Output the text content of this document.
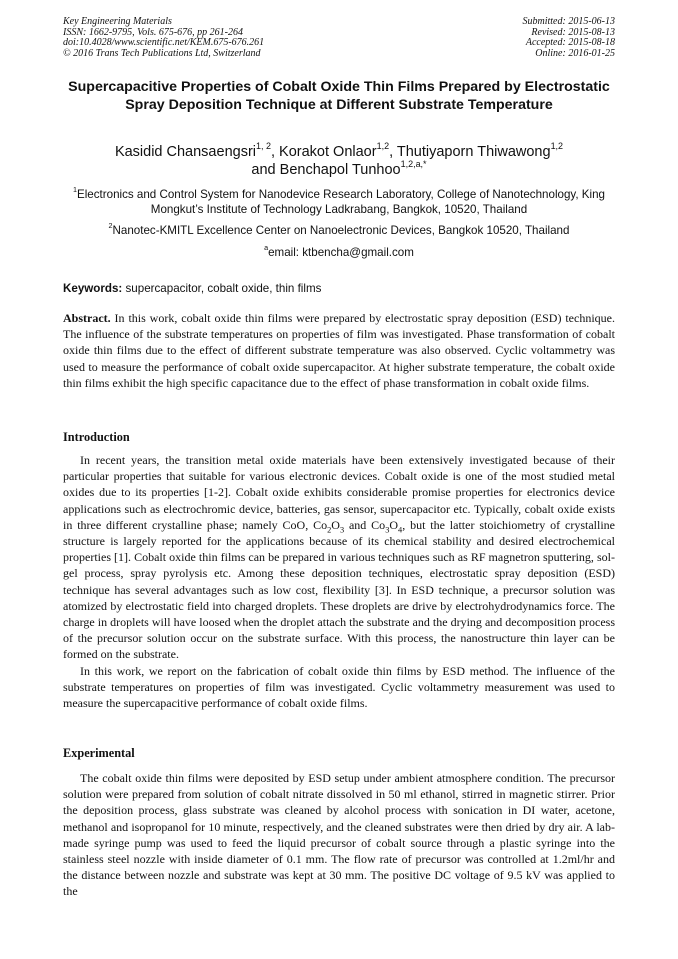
Key Engineering Materials
ISSN: 1662-9795, Vols. 675-676, pp 261-264
doi:10.4028/www.scientific.net/KEM.675-676.261
© 2016 Trans Tech Publications Ltd, Switzerland
Submitted: 2015-06-13
Revised: 2015-08-13
Accepted: 2015-08-18
Online: 2016-01-25
Supercapacitive Properties of Cobalt Oxide Thin Films Prepared by Electrostatic Spray Deposition Technique at Different Substrate Temperature
Kasidid Chansaengsri$^{1, 2}$, Korakot Onlaor$^{1,2}$, Thutiyaporn Thiwawong$^{1,2}$
and Benchapol Tunhoo$^{1,2,a,*}$
$^1$Electronics and Control System for Nanodevice Research Laboratory, College of Nanotechnology, King Mongkut’s Institute of Technology Ladkrabang, Bangkok, 10520, Thailand
$^2$Nanotec-KMITL Excellence Center on Nanoelectronic Devices, Bangkok 10520, Thailand
$^a$email: ktbencha@gmail.com
Keywords: supercapacitor, cobalt oxide, thin films

Abstract. In this work, cobalt oxide thin films were prepared by electrostatic spray deposition (ESD) technique. The influence of the substrate temperatures on properties of film was investigated. Phase transformation of cobalt oxide thin films due to the effect of different substrate temperature was also observed. Cyclic voltammetry was used to measure the performance of cobalt oxide supercapacitor. At higher substrate temperature, the cobalt oxide thin films exhibit the high specific capacitance due to the effect of phase transformation in cobalt oxide films.

Introduction

In recent years, the transition metal oxide materials have been extensively investigated because of their particular properties that suitable for various electronic devices. Cobalt oxide is one of the most studied metal oxides due to its properties [1-2]. Cobalt oxide exhibits considerable promise properties for electronics device applications such as electrochromic device, batteries, gas sensor, supercapacitor etc. Typically, cobalt oxide exists in three different crystalline phase; namely CoO, $Co_2O_3$ and $Co_3O_4$, but the latter stoichiometry of crystalline structure is largely reported for the applications because of its chemical stability and desired electrochemical properties [1]. Cobalt oxide thin films can be prepared in various techniques such as RF magnetron sputtering, sol-gel process, spray pyrolysis etc. Among these deposition techniques, electrostatic spray deposition (ESD) technique has several advantages such as low cost, flexibility [3]. In ESD technique, a precursor solution was atomized by electrostatic field into charged droplets. These droplets are drive by electrohydrodynamics force. The charge in droplets will have loosed when the droplet attach the substrate and the drying and decomposition process of the precursor solution occur on the substrate surface. With this process, the nanostructure thin layer can be formed on the substrate.

In this work, we report on the fabrication of cobalt oxide thin films by ESD method. The influence of the substrate temperatures on properties of film was investigated. Cyclic voltammetry measurement was used to measure the supercapacitive performance of cobalt oxide films.

Experimental

The cobalt oxide thin films were deposited by ESD setup under ambient atmosphere condition. The precursor solution were prepared from solution of cobalt nitrate dissolved in 50 ml ethanol, stirred in magnetic stirrer. Prior the deposition process, glass substrate was cleaned by alcohol process with sonication in DI water, acetone, methanol and isopropanol for 10 minute, respectively, and the cleaned substrates were then dried by dry air. A lab-made syringe pump was used to feed the liquid precursor of cobalt source through a plastic syringe into the stainless steel nozzle with inside diameter of 0.1 mm. The flow rate of precursor was controlled at 1.2ml/hr and the distance between nozzle and substrate was kept at 30 mm. The positive DC voltage of 9.5 kV was applied to the
